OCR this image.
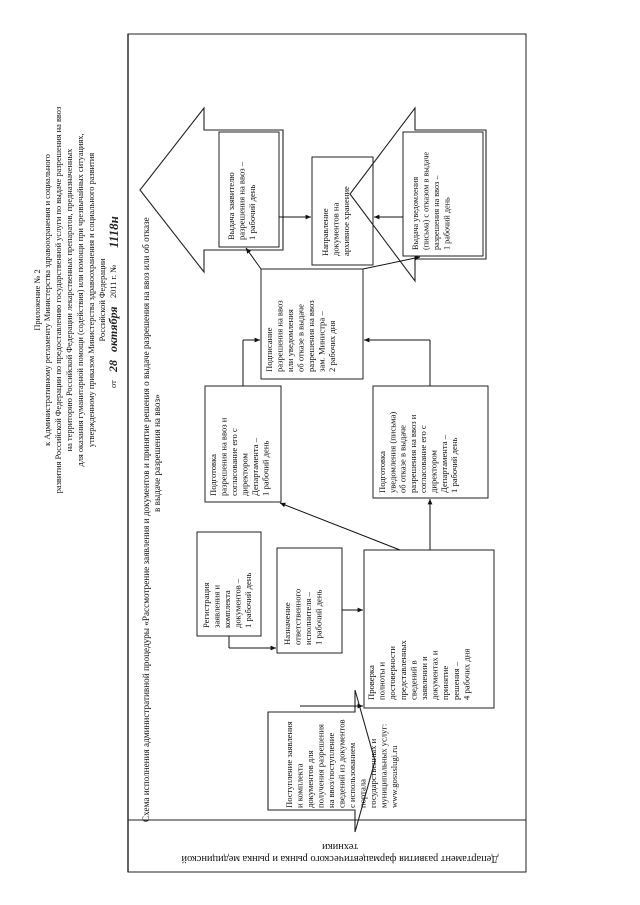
Приложение № 2 к Административному регламенту Министерства здравоохранения и социального развития Российской Федерации по предоставлению государственной услуги по выдаче разрешения на ввоз на территорию Российской Федерации лекарственных препаратов, предназначенных для оказания гуманитарной помощи (содействия) или помощи при чрезвычайных ситуациях, утвержденному приказом Министерства здравоохранения и социального развития Российской Федерации
от
28
октября
2011 г. №
1118н Схема исполнения административной процедуры «Рассмотрение заявления и документов и принятие решения о выдаче разрешения на ввоз или об отказе в выдаче разрешения на ввоз»
Департамент развития фармацевтического рынка и рынка медицинской
техники
Поступление заявления и комплекта документов для получения разрешения на ввоз/поступление сведений из документов с использованием портала государственных и муниципальных услуг: www.gosuslugi.ru
Регистрация заявления и комплекта документов – 1 рабочий день	Назначение ответственного исполнителя – 1 рабочий день
Проверка полноты и достоверности представленных сведений в заявлении и документах и принятие решения – 4 рабочих дня
Подготовка разрешения на ввоз и согласование его с директором Департамента – 1 рабочий день	Подготовка уведомления (письма) об отказе в выдаче разрешения на ввоз и согласование его с директором Департамента – 1 рабочий день
Подписание разрешения на ввоз или уведомления об отказе в выдаче разрешения на ввоз зам. Министра – 2 рабочих дня
Выдача заявителю разрешения на ввоз – 1 рабочий день	Направление документов на архивное хранение	Выдача уведомления (письма) с отказом в выдаче разрешения на ввоз – 1 рабочий день
